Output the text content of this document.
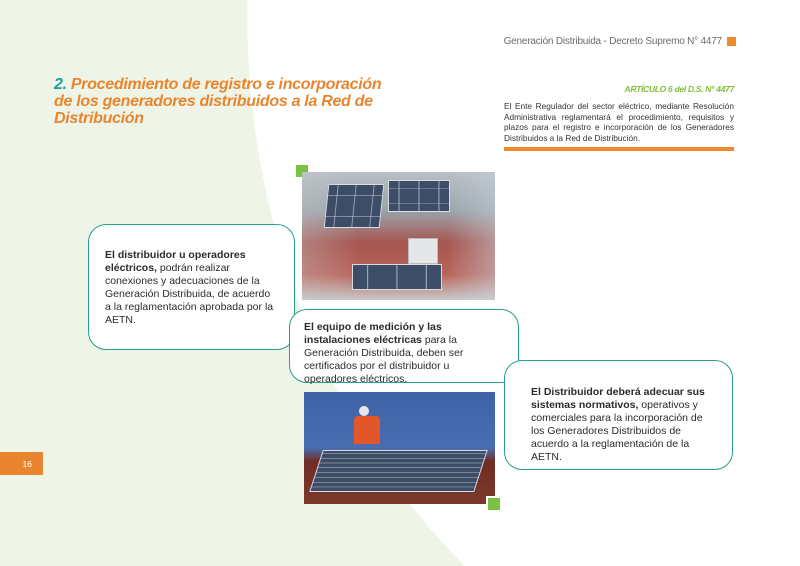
Generación Distribuida - Decreto Supremo N° 4477
2. Procedimiento de registro e incorporación de los generadores distribuidos a la Red de Distribución
ARTÍCULO 6 del D.S. N° 4477

El Ente Regulador del sector eléctrico, mediante Resolución Administrativa reglamentará el procedimiento, requisitos y plazos para el registro e incorporación de los Generadores Distribuidos a la Red de Distribución.

El distribuidor u operadores eléctricos, podrán realizar conexiones y adecuaciones de la Generación Distribuida, de acuerdo a la reglamentación aprobada por la AETN.
El equipo de medición y las instalaciones eléctricas para la Generación Distribuida, deben ser certificados por el distribuidor u operadores eléctricos.
El Distribuidor deberá adecuar sus sistemas normativos, operativos y comerciales para la incorporación de los Generadores Distribuidos de acuerdo a la reglamentación de la AETN.
16
